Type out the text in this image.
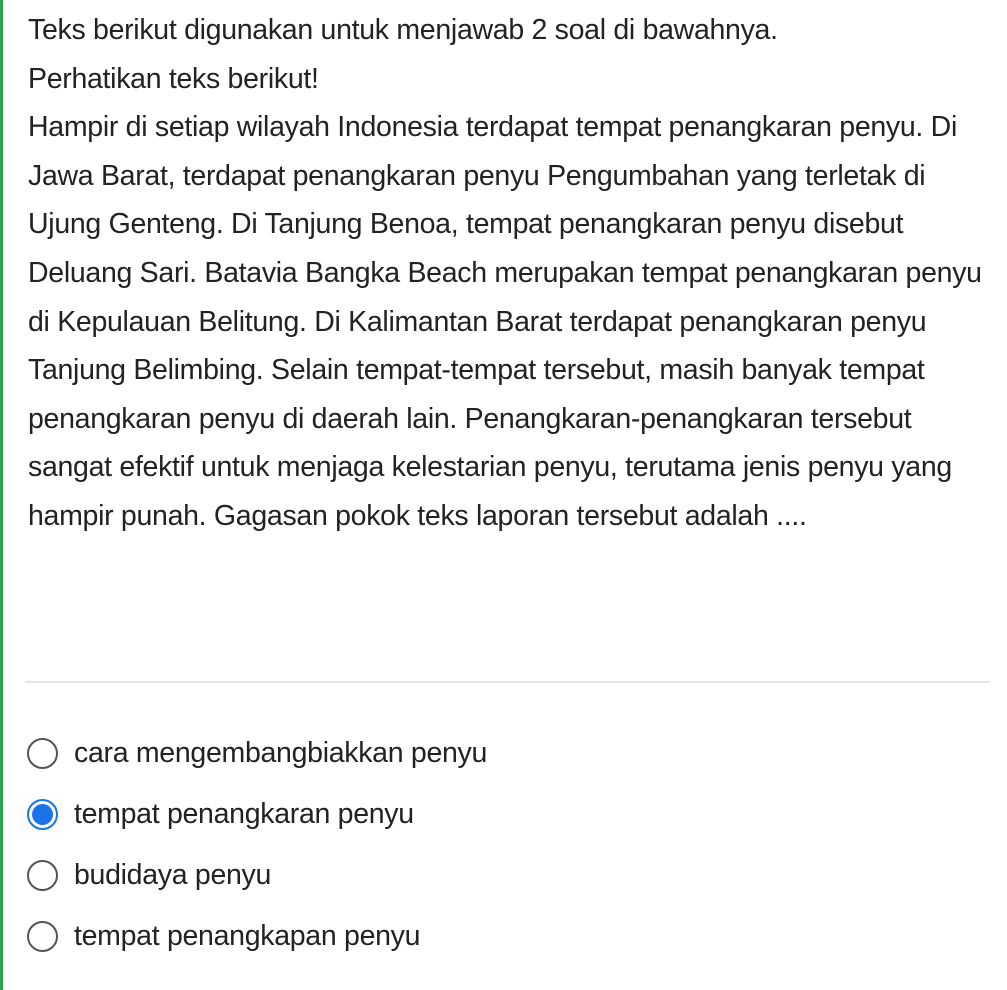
Teks berikut digunakan untuk menjawab 2 soal di bawahnya.

Perhatikan teks berikut!

Hampir di setiap wilayah Indonesia terdapat tempat penangkaran penyu. Di Jawa Barat, terdapat penangkaran penyu Pengumbahan yang terletak di Ujung Genteng. Di Tanjung Benoa, tempat penangkaran penyu disebut Deluang Sari. Batavia Bangka Beach merupakan tempat penangkaran penyu di Kepulauan Belitung. Di Kalimantan Barat terdapat penangkaran penyu Tanjung Belimbing. Selain tempat-tempat tersebut, masih banyak tempat penangkaran penyu di daerah lain. Penangkaran-penangkaran tersebut sangat efektif untuk menjaga kelestarian penyu, terutama jenis penyu yang hampir punah. Gagasan pokok teks laporan tersebut adalah ....

cara mengembangbiakkan penyu
tempat penangkaran penyu
budidaya penyu
tempat penangkapan penyu
